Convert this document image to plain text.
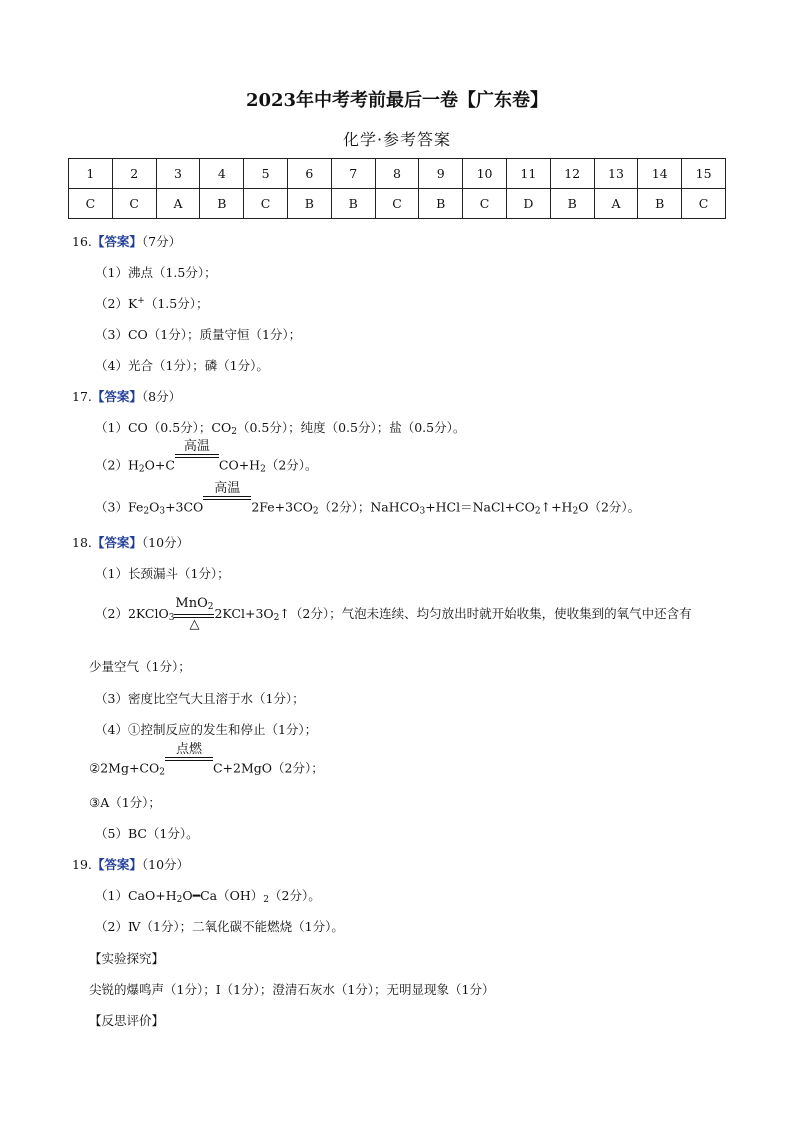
2023年中考考前最后一卷【广东卷】
化学·参考答案
1	2	3	4	5	6	7	8	9	10	11	12	13	14	15
C	C	A	B	C	B	B	C	B	C	D	B	A	B	C
16.【答案】（7分）
（1）沸点（1.5分）；
（2）K+（1.5分）；
（3）CO（1分）；质量守恒（1分）；
（4）光合（1分）；磷（1分）。
17.【答案】（8分）
（1）CO（0.5分）；$CO_2(0.5$分）；纯度（0.5分）；盐（0.5分）。
$(2)H_2O+C$
高温
$CO+H_2(2$分）。
$(3)Fe_2O_3+3CO$
高温
$2Fe+3CO_2(2$分）；$NaHCO_3+HCl=NaCl+CO_2↑+H_2O(2$分）。
18.【答案】（10分）
（1）长颈漏斗（1分）；
（2）2KClO$_3$ $\frac{MnO_2}{\triangle}$ $2KCl+3O_2↑(2$分）；气泡未连续、均匀放出时就开始收集，使收集到的氧气中还含有
少量空气（1分）；
（3）密度比空气大且溶于水（1分）；
（4）①控制反应的发生和停止（1分）；
$②2Mg+CO_2$
点燃
C+2MgO（2分）；
③A（1分）；
（5）BC（1分）。
19.【答案】（10分）
$(1)CaO+H_2O━Ca(OH)_2(2$分）。
（2）Ⅳ（1分）；二氧化碳不能燃烧（1分）。
【实验探究】
尖锐的爆鸣声（1分）；Ⅰ（1分）；澄清石灰水（1分）；无明显现象（1分）
【反思评价】
